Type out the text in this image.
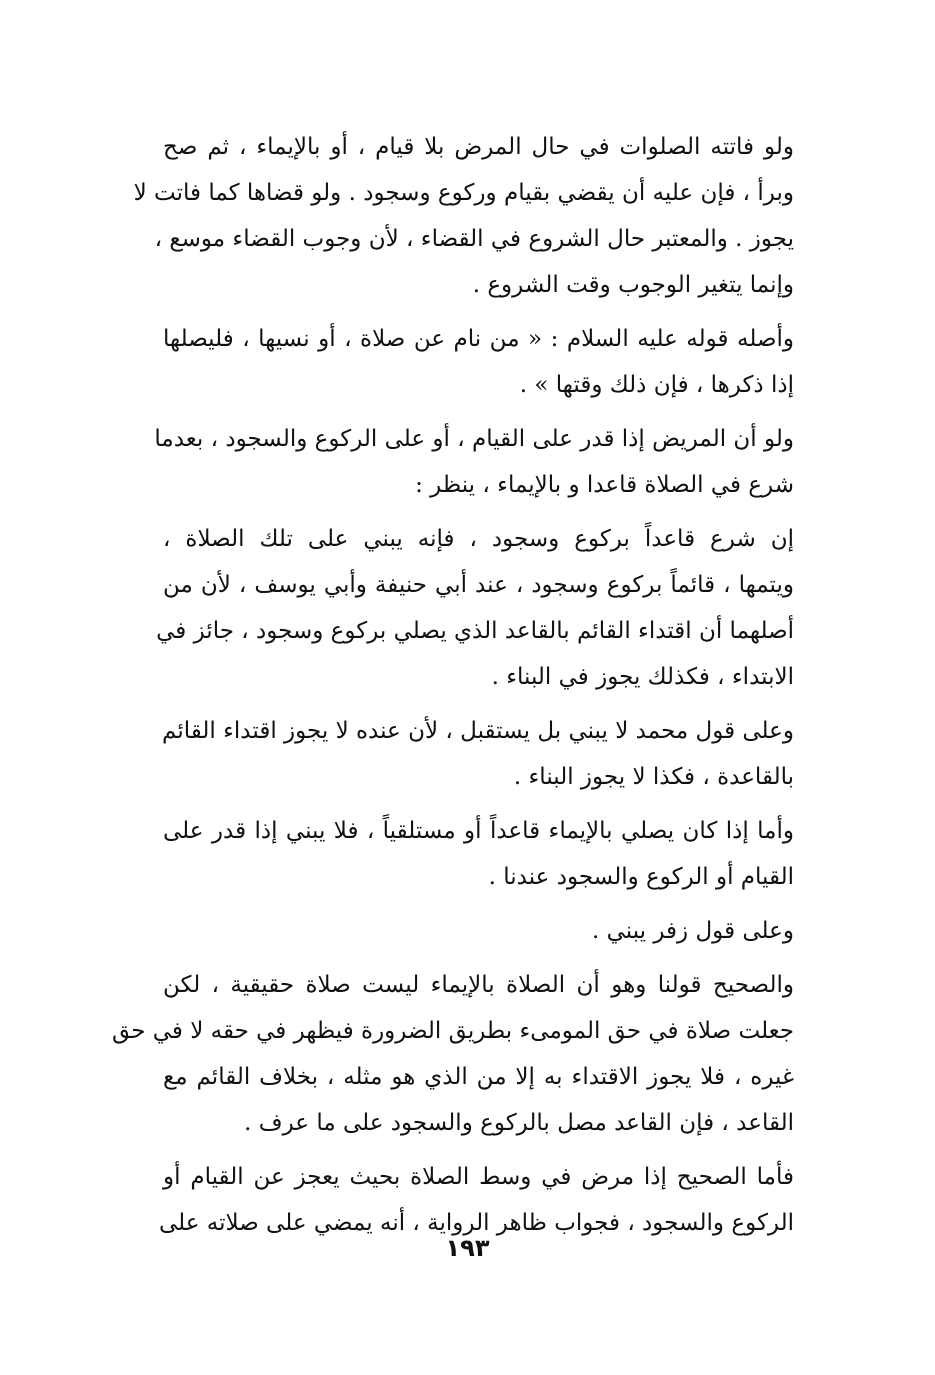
ولو فاتته الصلوات في حال المرض بلا قيام ، أو بالإيماء ، ثم صح
وبرأ ، فإن عليه أن يقضي بقيام وركوع وسجود . ولو قضاها كما فاتت لا
يجوز . والمعتبر حال الشروع في القضاء ، لأن وجوب القضاء موسع ،
وإنما يتغير الوجوب وقت الشروع .

وأصله قوله عليه السلام : « من نام عن صلاة ، أو نسيها ، فليصلها
إذا ذكرها ، فإن ذلك وقتها » .

ولو أن المريض إذا قدر على القيام ، أو على الركوع والسجود ، بعدما
شرع في الصلاة قاعدا و بالإيماء ، ينظر :

إن شرع قاعداً بركوع وسجود ، فإنه يبني على تلك الصلاة ،
ويتمها ، قائماً بركوع وسجود ، عند أبي حنيفة وأبي يوسف ، لأن من
أصلهما أن اقتداء القائم بالقاعد الذي يصلي بركوع وسجود ، جائز في
الابتداء ، فكذلك يجوز في البناء .

وعلى قول محمد لا يبني بل يستقبل ، لأن عنده لا يجوز اقتداء القائم
بالقاعدة ، فكذا لا يجوز البناء .

وأما إذا كان يصلي بالإيماء قاعداً أو مستلقياً ، فلا يبني إذا قدر على
القيام أو الركوع والسجود عندنا .

وعلى قول زفر يبني .

والصحيح قولنا وهو أن الصلاة بالإيماء ليست صلاة حقيقية ، لكن
جعلت صلاة في حق المومىء بطريق الضرورة فيظهر في حقه لا في حق
غيره ، فلا يجوز الاقتداء به إلا من الذي هو مثله ، بخلاف القائم مع
القاعد ، فإن القاعد مصل بالركوع والسجود على ما عرف .

فأما الصحيح إذا مرض في وسط الصلاة بحيث يعجز عن القيام أو
الركوع والسجود ، فجواب ظاهر الرواية ، أنه يمضي على صلاته على

١٩٣
